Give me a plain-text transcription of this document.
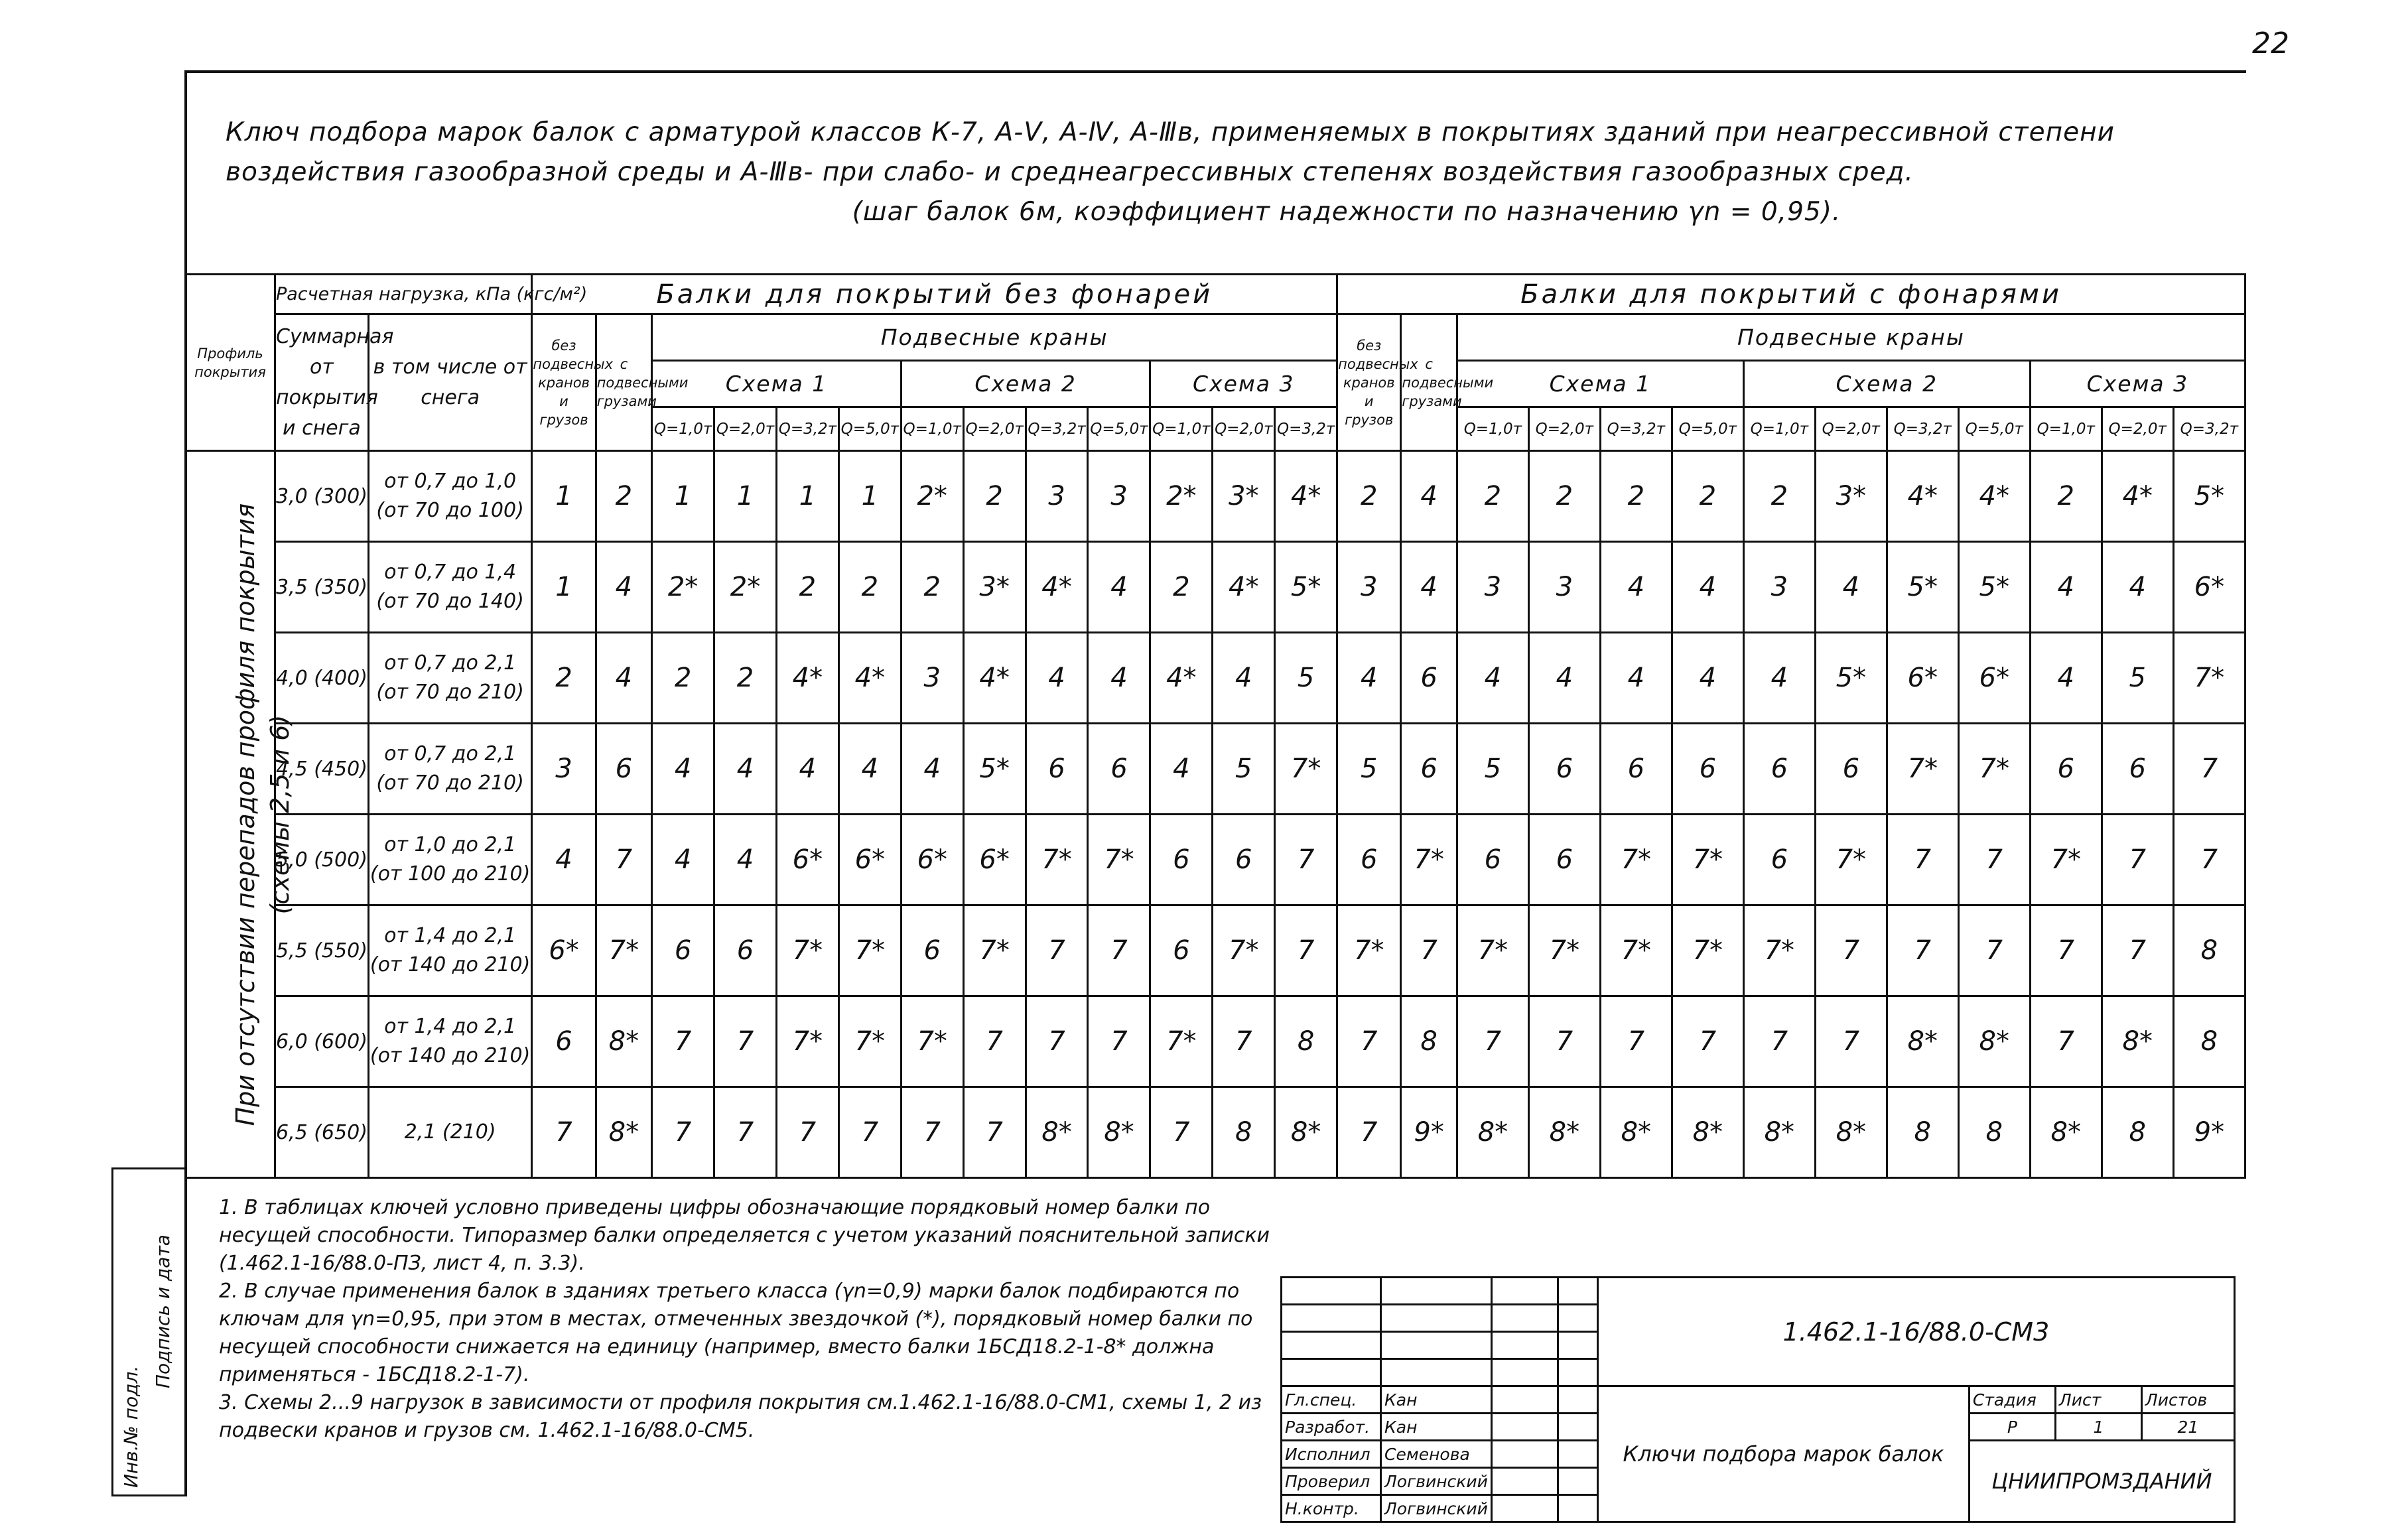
22
Ключ подбора марок балок с арматурой классов К-7, А-Ⅴ, А-Ⅳ, А-Ⅲв, применяемых в покрытиях зданий при неагрессивной степени
воздействия газообразной среды и А-Ⅲв- при слабо- и среднеагрессивных степенях воздействия газообразных сред.
(шаг балок 6м, коэффициент надежности по назначению γn = 0,95).
Профиль покрытия	Расчетная нагрузка, кПа (кгс/м²)		Балки для покрытий без фонарей													Балки для покрытий с фонарями												
	Суммарная от покрытия и снега	в том числе от снега	без подвесных кранов и грузов	с подвесными грузами	Подвесные краны											без подвесных кранов и грузов	с подвесными грузами	Подвесные краны										
					Схема 1				Схема 2				Схема 3					Схема 1				Схема 2				Схема 3		
					Q=1,0т	Q=2,0т	Q=3,2т	Q=5,0т	Q=1,0т	Q=2,0т	Q=3,2т	Q=5,0т	Q=1,0т	Q=2,0т	Q=3,2т			Q=1,0т	Q=2,0т	Q=3,2т	Q=5,0т	Q=1,0т	Q=2,0т	Q=3,2т	Q=5,0т	Q=1,0т	Q=2,0т	Q=3,2т

При отсутствии перепадов профиля покрытия (схемы 2,5 и 6)	3,0 (300)	от 0,7 до 1,0
(от 70 до 100)	1	2	1	1	1	1	2*	2	3	3	2*	3*	4*	2	4	2	2	2	2	2	3*	4*	4*	2	4*	5*
	3,5 (350)	от 0,7 до 1,4
(от 70 до 140)	1	4	2*	2*	2	2	2	3*	4*	4	2	4*	5*	3	4	3	3	4	4	3	4	5*	5*	4	4	6*
	4,0 (400)	от 0,7 до 2,1
(от 70 до 210)	2	4	2	2	4*	4*	3	4*	4	4	4*	4	5	4	6	4	4	4	4	4	5*	6*	6*	4	5	7*
	4,5 (450)	от 0,7 до 2,1
(от 70 до 210)	3	6	4	4	4	4	4	5*	6	6	4	5	7*	5	6	5	6	6	6	6	6	7*	7*	6	6	7
	5,0 (500)	от 1,0 до 2,1
(от 100 до 210)	4	7	4	4	6*	6*	6*	6*	7*	7*	6	6	7	6	7*	6	6	7*	7*	6	7*	7	7	7*	7	7
	5,5 (550)	от 1,4 до 2,1
(от 140 до 210)	6*	7*	6	6	7*	7*	6	7*	7	7	6	7*	7	7*	7	7*	7*	7*	7*	7*	7	7	7	7	7	8
	6,0 (600)	от 1,4 до 2,1
(от 140 до 210)	6	8*	7	7	7*	7*	7*	7	7	7	7*	7	8	7	8	7	7	7	7	7	7	8*	8*	7	8*	8
	6,5 (650)	2,1 (210)	7	8*	7	7	7	7	7	7	8*	8*	7	8	8*	7	9*	8*	8*	8*	8*	8*	8*	8	8	8*	8	9*
Инв.№ подл.
Подпись и дата

1. В таблицах ключей условно приведены цифры обозначающие порядковый номер балки по несущей способности. Типоразмер балки определяется с учетом указаний пояснительной записки (1.462.1-16/88.0-ПЗ, лист 4, п. 3.3).

2. В случае применения балок в зданиях третьего класса (γn=0,9) марки балок подбираются по ключам для γn=0,95, при этом в местах, отмеченных звездочкой (*), порядковый номер балки по несущей способности снижается на единицу (например, вместо балки 1БСД18.2-1-8* должна применяться - 1БСД18.2-1-7).

3. Схемы 2...9 нагрузок в зависимости от профиля покрытия см.1.462.1-16/88.0-СМ1, схемы 1, 2 из подвески кранов и грузов см. 1.462.1-16/88.0-СМ5.

				1.462.1-16/88.0-СМ3			

Гл.спец.	Кан			Ключи подбора марок балок	Стадия	Лист	Листов
Разработ.	Кан				Р	1	21
Исполнил	Семенова				ЦНИИПРОМЗДАНИЙ		
Проверил	Логвинский						
Н.контр.	Логвинский						
